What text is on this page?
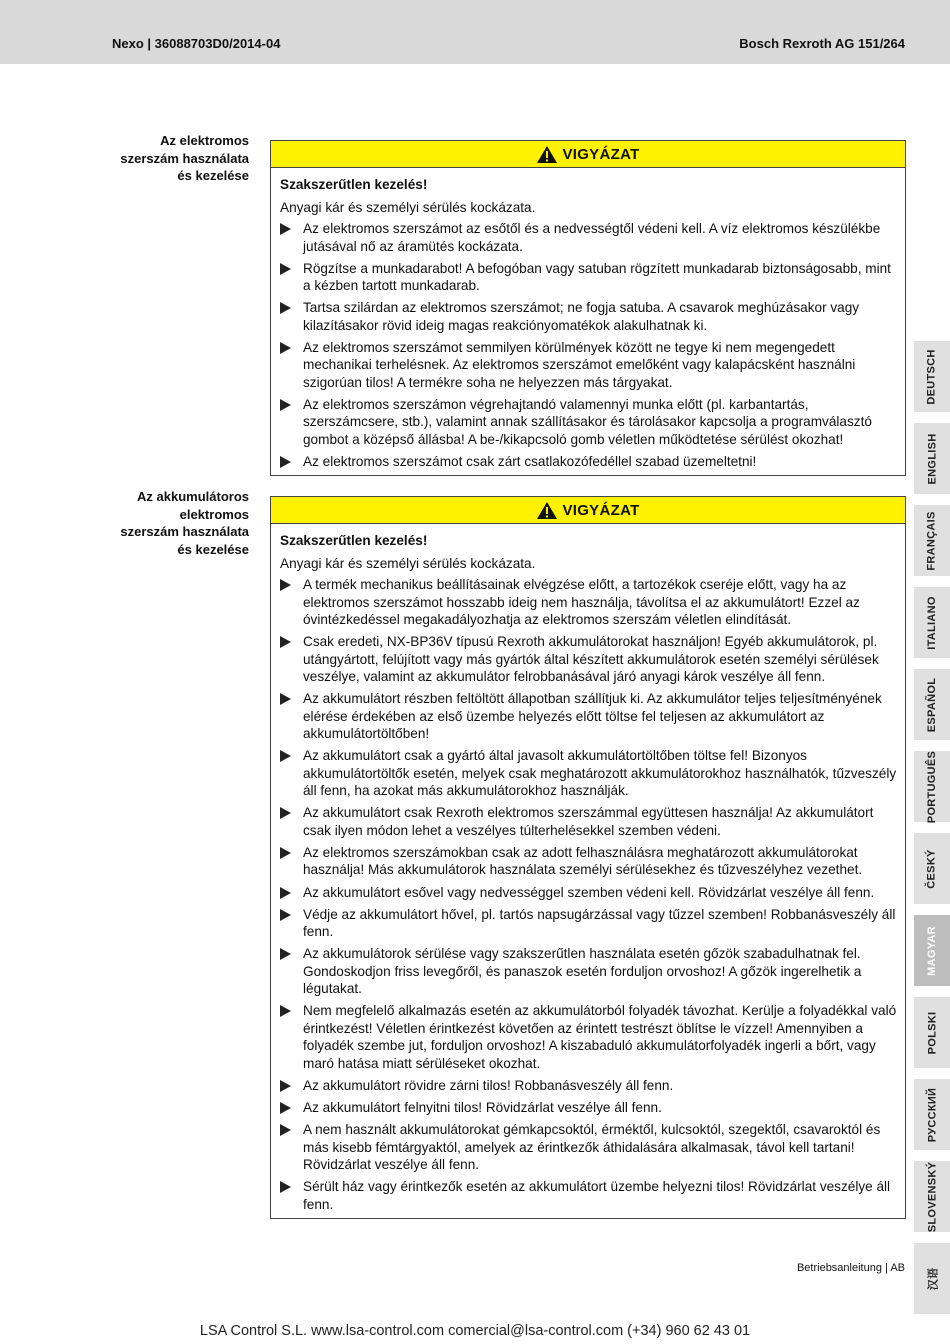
Nexo | 36088703D0/2014-04	Bosch Rexroth AG 151/264
Az elektromos
szerszám használata
és kezelése
VIGYÁZAT
Szakszerűtlen kezelés!
Anyagi kár és személyi sérülés kockázata.
Az elektromos szerszámot az esőtől és a nedvességtől védeni kell. A víz elektromos készülékbe jutásával nő az áramütés kockázata.
Rögzítse a munkadarabot! A befogóban vagy satuban rögzített munkadarab biztonságosabb, mint a kézben tartott munkadarab.
Tartsa szilárdan az elektromos szerszámot; ne fogja satuba. A csavarok meghúzásakor vagy kilazításakor rövid ideig magas reakciónyomatékok alakulhatnak ki.
Az elektromos szerszámot semmilyen körülmények között ne tegye ki nem megengedett mechanikai terhelésnek. Az elektromos szerszámot emelőként vagy kalapácsként használni szigorúan tilos! A termékre soha ne helyezzen más tárgyakat.
Az elektromos szerszámon végrehajtandó valamennyi munka előtt (pl. karbantartás, szerszámcsere, stb.), valamint annak szállításakor és tárolásakor kapcsolja a programválasztó gombot a középső állásba! A be-/kikapcsoló gomb véletlen működtetése sérülést okozhat!
Az elektromos szerszámot csak zárt csatlakozófedéllel szabad üzemeltetni!
Az akkumulátoros
elektromos
szerszám használata
és kezelése
VIGYÁZAT
Szakszerűtlen kezelés!
Anyagi kár és személyi sérülés kockázata.
A termék mechanikus beállításainak elvégzése előtt, a tartozékok cseréje előtt, vagy ha az elektromos szerszámot hosszabb ideig nem használja, távolítsa el az akkumulátort! Ezzel az óvintézkedéssel megakadályozhatja az elektromos szerszám véletlen elindítását.
Csak eredeti, NX-BP36V típusú Rexroth akkumulátorokat használjon! Egyéb akkumulátorok, pl. utángyártott, felújított vagy más gyártók által készített akkumulátorok esetén személyi sérülések veszélye, valamint az akkumulátor felrobbanásával járó anyagi károk veszélye áll fenn.
Az akkumulátort részben feltöltött állapotban szállítjuk ki. Az akkumulátor teljes teljesítményének elérése érdekében az első üzembe helyezés előtt töltse fel teljesen az akkumulátort az akkumulátortöltőben!
Az akkumulátort csak a gyártó által javasolt akkumulátortöltőben töltse fel! Bizonyos akkumulátortöltők esetén, melyek csak meghatározott akkumulátorokhoz használhatók, tűzveszély áll fenn, ha azokat más akkumulátorokhoz használják.
Az akkumulátort csak Rexroth elektromos szerszámmal együttesen használja! Az akkumulátort csak ilyen módon lehet a veszélyes túlterhelésekkel szemben védeni.
Az elektromos szerszámokban csak az adott felhasználásra meghatározott akkumulátorokat használja! Más akkumulátorok használata személyi sérülésekhez és tűzveszélyhez vezethet.
Az akkumulátort esővel vagy nedvességgel szemben védeni kell. Rövidzárlat veszélye áll fenn.
Védje az akkumulátort hővel, pl. tartós napsugárzással vagy tűzzel szemben! Robbanásveszély áll fenn.
Az akkumulátorok sérülése vagy szakszerűtlen használata esetén gőzök szabadulhatnak fel. Gondoskodjon friss levegőről, és panaszok esetén forduljon orvoshoz! A gőzök ingerelhetik a légutakat.
Nem megfelelő alkalmazás esetén az akkumulátorból folyadék távozhat. Kerülje a folyadékkal való érintkezést! Véletlen érintkezést követően az érintett testrészt öblítse le vízzel! Amennyiben a folyadék szembe jut, forduljon orvoshoz! A kiszabaduló akkumulátorfolyadék ingerli a bőrt, vagy maró hatása miatt sérüléseket okozhat.
Az akkumulátort rövidre zárni tilos! Robbanásveszély áll fenn.
Az akkumulátort felnyitni tilos! Rövidzárlat veszélye áll fenn.
A nem használt akkumulátorokat gémkapcsoktól, érméktől, kulcsoktól, szegektől, csavaroktól és más kisebb fémtárgyaktól, amelyek az érintkezők áthidalására alkalmasak, távol kell tartani! Rövidzárlat veszélye áll fenn.
Sérült ház vagy érintkezők esetén az akkumulátort üzembe helyezni tilos! Rövidzárlat veszélye áll fenn.
DEUTSCH
ENGLISH
FRANÇAIS
ITALIANO
ESPAÑOL
PORTUGUÊS
ČESKÝ
MAGYAR
POLSKI
РУССКИЙ
SLOVENSKÝ
汉语
Betriebsanleitung | AB
LSA Control S.L. www.lsa-control.com comercial@lsa-control.com (+34) 960 62 43 01
